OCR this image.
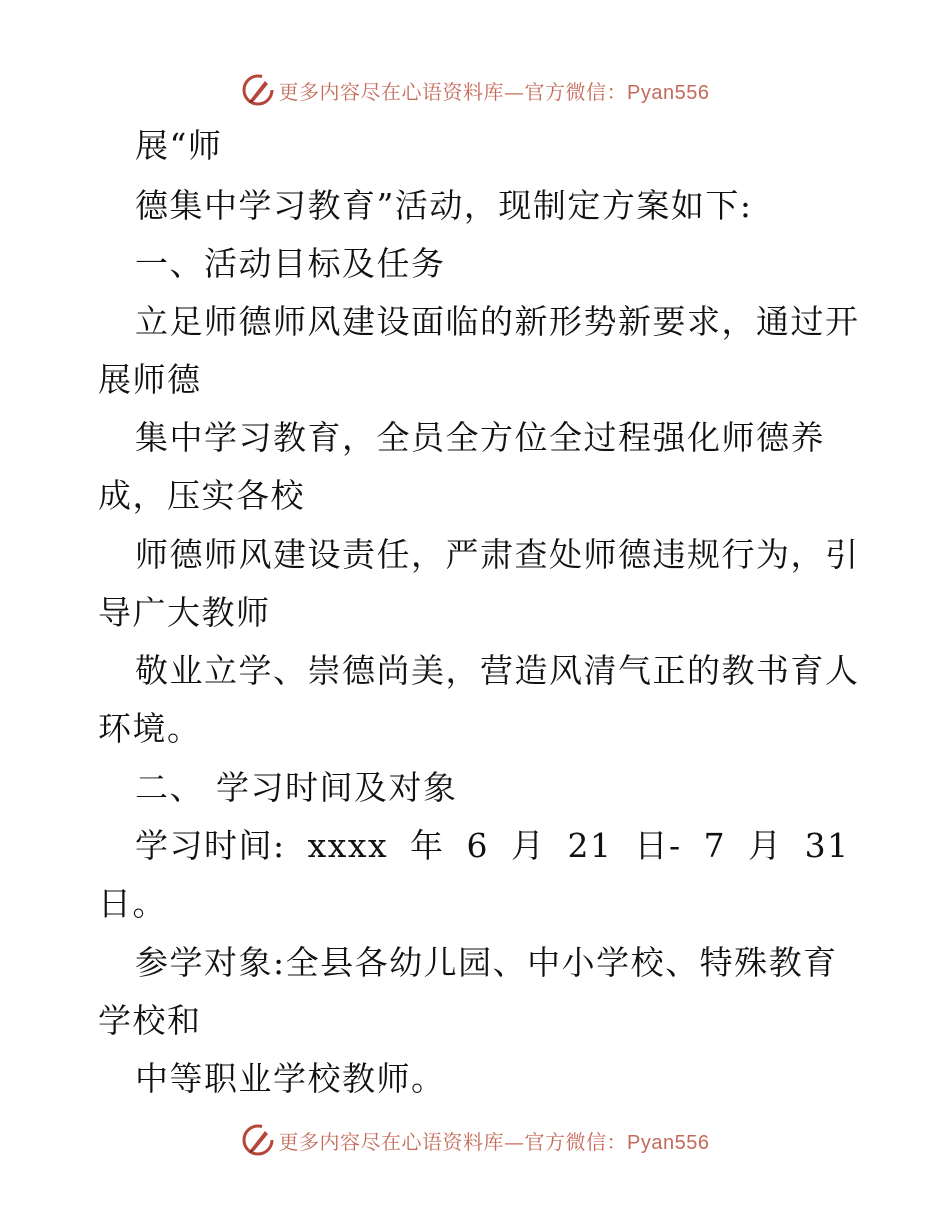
更多内容尽在心语资料库—官方微信：Pyan556
展“师
德集中学习教育”活动，现制定方案如下:
一、活动目标及任务
立足师德师风建设面临的新形势新要求，通过开
展师德
集中学习教育，全员全方位全过程强化师德养
成，压实各校
师德师风建设责任，严肃查处师德违规行为，引
导广大教师
敬业立学、崇德尚美，营造风清气正的教书育人
环境。
二、 学习时间及对象
学习时间: xxxx 年 6 月 21 日- 7 月 31
日。
参学对象:全县各幼儿园、中小学校、特殊教育
学校和
中等职业学校教师。
更多内容尽在心语资料库—官方微信：Pyan556
